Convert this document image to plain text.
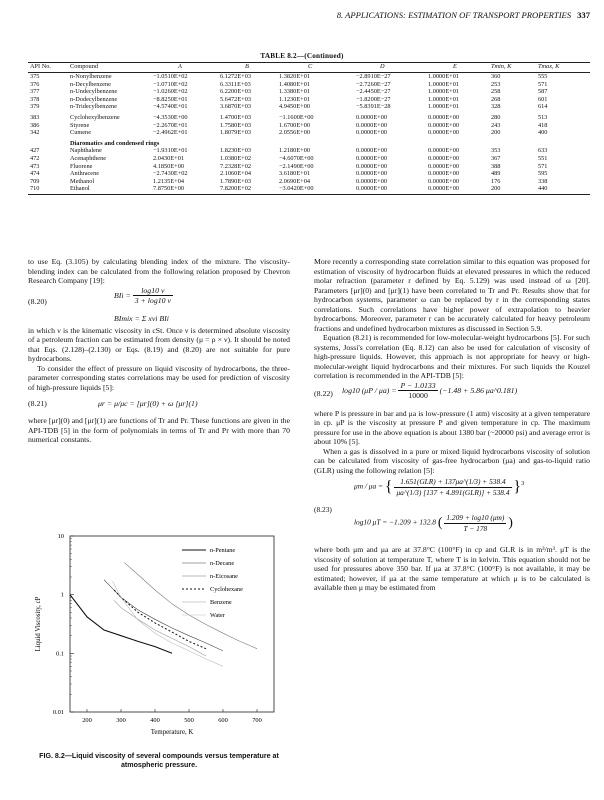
8. APPLICATIONS: ESTIMATION OF TRANSPORT PROPERTIES 337
TABLE 8.2—(Continued)
API No.	Compound	A	B	C	D	E	Tmin, K	Tmax, K
375	n-Nonylbenzene	−1.0510E+02	6.1272E+03	1.3820E+01	−2.8910E−27	1.0000E+01	360	555
376	n-Decylbenzene	−1.0710E+02	6.3311E+03	1.4080E+01	−2.7260E−27	1.0000E+01	253	571
377	n-Undecylbenzene	−1.0260E+02	6.2200E+03	1.3380E+01	−2.4450E−27	1.0000E+01	258	587
378	n-Dodecylbenzene	−8.8250E+01	5.6472E+03	1.1230E+01	−1.8200E−27	1.0000E+01	268	601
379	n-Tridecylbenzene	−4.5740E+01	3.6870E+03	4.9450E+00	−5.8391E−28	1.0000E+01	328	614
383	Cyclohexylbenzene	−4.3530E+00	1.4700E+03	−1.1600E+00	0.0000E+00	0.0000E+00	280	513
386	Styrene	−2.2670E+01	1.7580E+03	1.6700E+00	0.0000E+00	0.0000E+00	243	418
342	Cumene	−2.4962E+01	1.8079E+03	2.0556E+00	0.0000E+00	0.0000E+00	200	400
Diaromatics and condensed rings
427	Naphthalene	−1.9310E+01	1.8230E+03	1.2180E+00	0.0000E+00	0.0000E+00	353	633
472	Acenaphthene	2.0430E+01	1.0380E+02	−4.6070E+00	0.0000E+00	0.0000E+00	367	551
473	Fluorene	4.1850E+00	7.2328E+02	−2.1490E+00	0.0000E+00	0.0000E+00	388	571
474	Anthracene	−2.7430E+02	2.1060E+04	3.6180E+01	0.0000E+00	0.0000E+00	489	595
709	Methanol	1.2135E+04	1.7890E+03	2.0690E+04	0.0000E+00	0.0000E+00	176	338
710	Ethanol	7.8750E+00	7.8200E+02	−3.0420E+00	0.0000E+00	0.0000E+00	200	440

to use Eq. (3.105) by calculating blending index of the mixture. The viscosity-blending index can be calculated from the following relation proposed by Chevron Research Company [19]:

(8.20)
BIi = $\frac{\log 10 \nu}{3 + \log 10 \nu}$
BImix = Σ xvi BIi

in which ν is the kinematic viscosity in cSt. Once ν is determined absolute viscosity of a petroleum fraction can be estimated from density (μ = ρ × ν). It should be noted that Eqs. (2.128)–(2.130) or Eqs. (8.19) and (8.20) are not suitable for pure hydrocarbons.

To consider the effect of pressure on liquid viscosity of hydrocarbons, the three-parameter corresponding states correlations may be used for prediction of viscosity of high-pressure liquids [5]:

(8.21)	μr = μ/μc = [μr](0) + ω [μr](1)

where [μr](0) and [μr](1) are functions of Tr and Pr. These functions are given in the API-TDB [5] in the form of polynomials in terms of Tr and Pr with more than 70 numerical constants.

200	300	400	500	600	700
10
1
0.1
0.01
Temperature, K
Liquid Viscosity, cP
n-Pentane
n-Decane
n-Eicosane
Cyclohexane
Benzene
Water
FIG. 8.2—Liquid viscosity of several compounds versus temperature at atmospheric pressure.

More recently a corresponding state correlation similar to this equation was proposed for estimation of viscosity of hydrocarbon fluids at elevated pressures in which the reduced molar refraction (parameter r defined by Eq. 5.129) was used instead of ω [20]. Parameters [μr](0) and [μr](1) have been correlated to Tr and Pr. Results show that for hydrocarbon systems, parameter ω can be replaced by r in the corresponding states correlations. Such correlations have higher power of extrapolation to heavier hydrocarbons. Moreover, parameter r can be accurately calculated for heavy petroleum fractions and undefined hydrocarbon mixtures as discussed in Section 5.9.

Equation (8.21) is recommended for low-molecular-weight hydrocarbons [5]. For such systems, Jossi's correlation (Eq. 8.12) can also be used for calculation of viscosity of high-pressure liquids. However, this approach is not appropriate for heavy or high-molecular-weight liquid hydrocarbons and their mixtures. For such liquids the Kouzel correlation is recommended in the API-TDB [5]:

(8.22) log10 $(\mu P / \mu a) = \frac{P - 1.0133}{10000} (-1.48 + 5.86$ μa^0.181)

where P is pressure in bar and μa is low-pressure (1 atm) viscosity at a given temperature in cp. μP is the viscosity at pressure P and given temperature in cp. The maximum pressure for use in the above equation is about 1380 bar (~20000 psi) and average error is about 10% [5].

When a gas is dissolved in a pure or mixed liquid hydrocarbons viscosity of solution can be calculated from viscosity of gas-free hydrocarbon (μa) and gas-to-liquid ratio (GLR) using the following relation [5]:

(8.23)
μm / μa = { $\frac{\text{1.651(GLR) + 137μa\textasciicircum{}(1/3) + 538.4}}{\text{μa\textasciicircum{}(1/3) [137 + 4.891(GLR)] + 538.4}} \}^3$
log10 μT = −1.209 + 132.8 ( $\frac{1.209 + \log 10 (\mu m)}{T - 178}$ )

where both μm and μa are at 37.8°C (100°F) in cp and GLR is in m³/m³. μT is the viscosity of solution at temperature T, where T is in kelvin. This equation should not be used for pressures above 350 bar. If μa at 37.8°C (100°F) is not available, it may be estimated; however, if μa at the same temperature at which μ is to be calculated is available then μ may be estimated from
